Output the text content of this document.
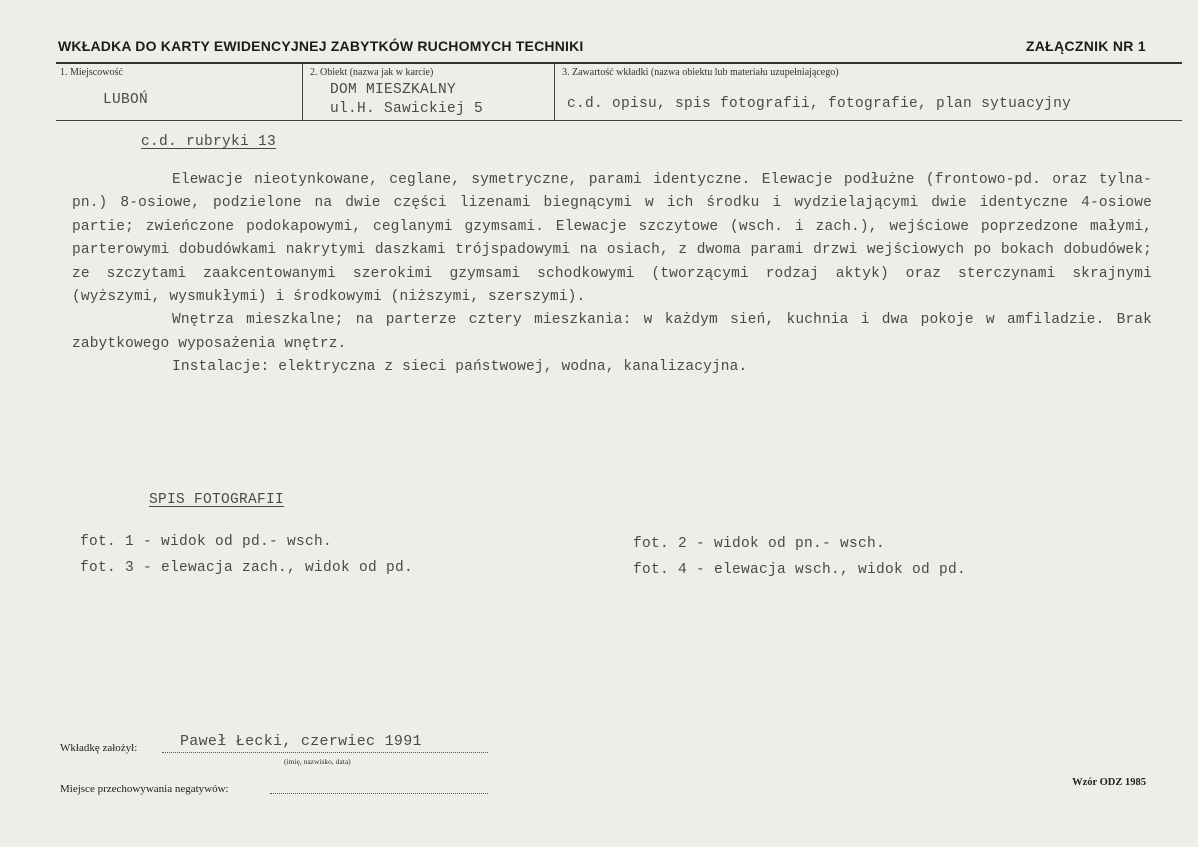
WKŁADKA DO KARTY EWIDENCYJNEJ ZABYTKÓW RUCHOMYCH TECHNIKI	ZAŁĄCZNIK NR 1
1. Miejscowość
LUBOŃ
2. Obiekt (nazwa jak w karcie)
DOM MIESZKALNY
ul.H. Sawickiej 5
3. Zawartość wkładki (nazwa obiektu lub materiału uzupełniającego)
c.d. opisu, spis fotografii, fotografie, plan sytuacyjny
c.d. rubryki 13

Elewacje nieotynkowane, ceglane, symetryczne, parami identyczne. Elewacje podłużne (frontowo-pd. oraz tylna-pn.) 8-osiowe, podzielone na dwie części lizenami biegnącymi w ich środku i wydzielającymi dwie identyczne 4-osiowe partie; zwieńczone podokapowymi, ceglanymi gzymsami. Elewacje szczytowe (wsch. i zach.), wejściowe poprzedzone małymi, parterowymi dobudówkami nakrytymi daszkami trójspadowymi na osiach, z dwoma parami drzwi wejściowych po bokach dobudówek; ze szczytami zaakcentowanymi szerokimi gzymsami schodkowymi (tworzącymi rodzaj aktyk) oraz sterczynami skrajnymi (wyższymi, wysmukłymi) i środkowymi (niższymi, szerszymi).

Wnętrza mieszkalne; na parterze cztery mieszkania: w każdym sień, kuchnia i dwa pokoje w amfiladzie. Brak zabytkowego wyposażenia wnętrz.

Instalacje: elektryczna z sieci państwowej, wodna, kanalizacyjna.

SPIS FOTOGRAFII
fot. 1 - widok od pd.- wsch.	fot. 2 - widok od pn.- wsch.
fot. 3 - elewacja zach., widok od pd.	fot. 4 - elewacja wsch., widok od pd.
Wkładkę założył:	Paweł Łecki, czerwiec 1991
(imię, nazwisko, data)
Miejsce przechowywania negatywów:
Wzór ODZ 1985
